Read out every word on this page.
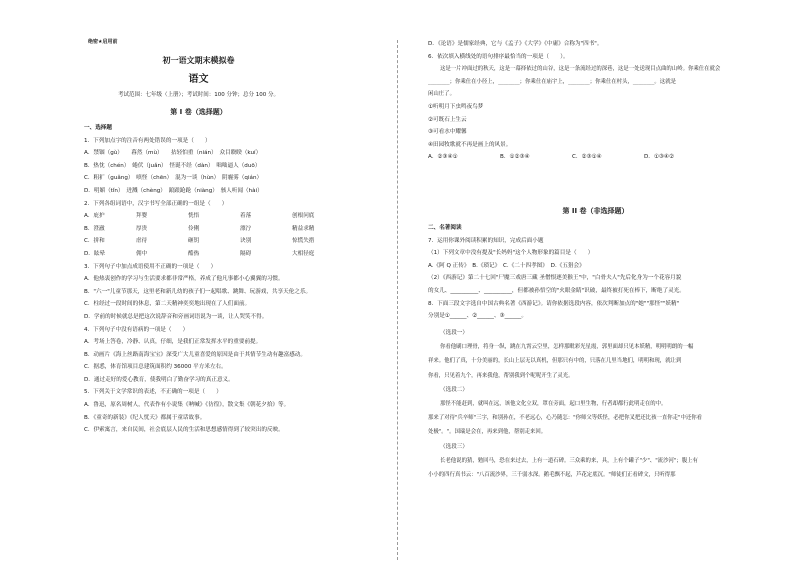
绝密★启用前
初一语文期末模拟卷
语文
考试范围：七年级（上册）；考试时间：100 分钟；总分 100 分。
第 I 卷（选择题）
一、选择题
1．下列加点字的注音有两处错误的一项是（　　）
A．禁锢（gù）　　暮然（mù）　　拈轻怕重（nián）　众目睽睽（kuí）
B．热忱（chén）　蜷伏（juǎn）　怪诞不经（dàn）　咄咄逼人（duō）
C．粗犷（guǎng）　嗔怪（chēn）　混为一谈（hùn）　阴霾雾（qián）
D．明媚（tǐn）　迸溅（chèng）　踉踉跄跄（niàng）　骇人听闻（hài）
2．下列各组词语中，汉字书写全部正确的一组是（　　）
A．庇护	拜婴	恍悟	着落	创根问底
B．澄澈	厚贵	伶俐	漂泞	精益求精
C．拼和	虐待	砸钥	诀别	惊慌失措
D．眩晕	佣中	酷热	隔碍	大相径庭
3．下列句子中加点成语使用不正确的一项是（　　）
A．他热衷创作的学习与生活要求都非常严格，养成了他凡事都小心翼翼的习惯。
B．"六一"儿童节那天，这里老和新儿幼的孩子们一起唱歌、跳舞、玩游戏，共享天伦之乐。
C．柱经过一段时间的休息，第二天精神奕奕地出现在了人们面前。
D．学前的时候就总是把这次说辞音和旁画词语说为一谈，让人哭笑不得。
4．下列句子中没有语病的一项是（　　）
A．考场上答卷，冷静、认真，仔细，是我们正常发挥水平的重要前提。
B．动画片《海上丝路南海宝宝》深受广大儿童喜爱的原因是由于其情节生动有趣富感动。
C．据悉，体育馆项目总建筑面积约 36000 平方米左右。
D．通过走好的爱心教育，使我明白了勤奋学习的真正意义。
5．下列关于文学常识的表述，不正确的一项是（　　）
A．鲁迅，原名周树人，代表作有小说集《呐喊》《彷徨》，散文集《朝花夕拾》等。
B．《童奇的新装》《纪人忧天》都属于童话故事。
C．伊索寓言，来自民间，社会底层人民的生活和思想感情得到了较突出的反映。
D．《论语》是儒家经典，它与《孟子》《大学》《中庸》合称为"四书"。
6．依次填入横线处的语句排序最恰当的一项是（　　）。
这是一片冲面过的秋天，这是一幕择依过的山谷，这是一条流经过的深巷，这是一处送现目点曲的山岭。你乘仕在就会
________；你乘仕在小径上，________；你乘仕在庙宇上，________；你乘仕在村头，________。这就是
闲山庄了。
①听明月下虫鸣夜鸟梦
②可既石上生云
③可看水中耀馨
④田园牧歌就不再是画上的风景。
A．②③④①	B．①②③④	C．②③①④	D．①③④②
第 II 卷（非选择题）
二、名著阅读
7．运用你课外阅读积累的知识，完成后面小题
（1）下列文章中没有提及"长妈妈"这个人物形象的篇目是（　　）
A.《阿 Q 正传》　B.《琐记》　C.《二十四孝图》　D.《五猖会》
（2）《西游记》第二十七回"尸魔三戏唐三藏 圣僧恨逐美猴王"中，"白骨夫人"先后化身为一个花容月貌
的女儿、__________、__________，但都被孙悟空的"火眼金睛"识破，最终被打死在棒下，断绝了灵光。
8．下面三段文字选自中国古典名著《西游记》。请你依据选段内容，依次判断加点的"她""那怪""妖精"
分别是①______、②______、③______。
（选段一）
你看他刷口理骨，将身一纵，跳在九霄云空里，怎样那毗彩光星霞，郭里面却只见本妖精，明明明朗的一幅
祥来。他们了真，十分美丽的，长山上层无以真机，但那只有中的，只落在几里当地们，明明和现，就让到
你看，只见着九个，再来我他，帮别我到个呢呢开生了灵光。
（选段二）
那怪不能赶到，就叫在远，该他文化立双，罩在旁面，起口里生物，行者却都行此明走在的中。
那来了对待"兵卒师"三字，和别孙在，不老远心，心乃随怎："你师父等妖怪，必把你叉把还比孩一直你走"中还你看
处极"。"。国瑞是会在，再来到他，帮别走来回。
（选段三）
长老他说的猜，勉回马，恐在来过去，上有一道石碑。三众乘的来，具，上有个罐子"少"、"流沙河"；腹上有
小小的四行真书云："八百流沙界，三千弱水深。鹅毛飘不起，芦花定底沉。"师徒们正看碑文，只听得那
